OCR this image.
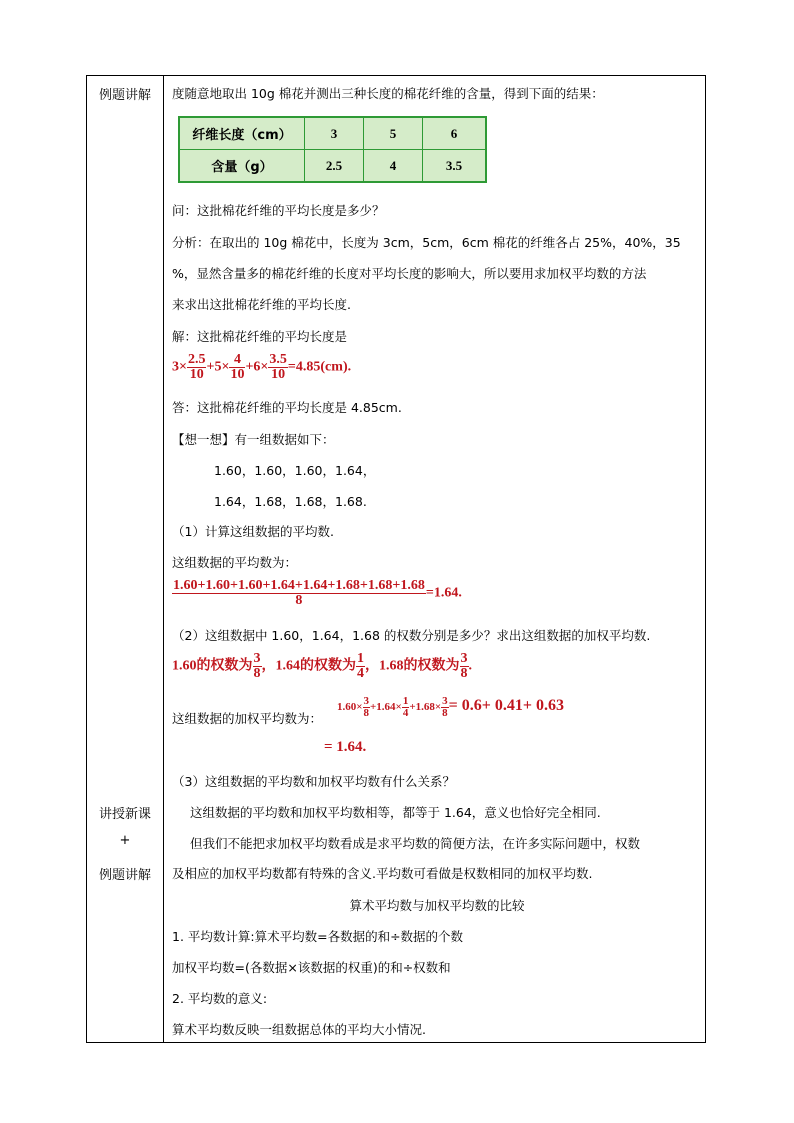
例题讲解
讲授新课
+
例题讲解
度随意地取出 10g 棉花并测出三种长度的棉花纤维的含量，得到下面的结果：
纤维长度（cm）	3	5	6
含量（g）	2.5	4	3.5
问：这批棉花纤维的平均长度是多少？
分析：在取出的 10g 棉花中，长度为 3cm，5cm，6cm 棉花的纤维各占 25%，40%，35
%，显然含量多的棉花纤维的长度对平均长度的影响大，所以要用求加权平均数的方法
来求出这批棉花纤维的平均长度.
解：这批棉花纤维的平均长度是
$3\times \frac{2.5}{10} +5\times \frac{4}{10} +6\times \frac{3.5}{10} =4.85(cm)$.
答：这批棉花纤维的平均长度是 4.85cm.
【想一想】有一组数据如下：
1.60，1.60，1.60，1.64，
1.64，1.68，1.68，1.68.
（1）计算这组数据的平均数.
这组数据的平均数为：
$\frac{1.60+1.60+1.60+1.64+1.64+1.68+1.68+1.68}{8} =1.64$.
（2）这组数据中 1.60，1.64，1.68 的权数分别是多少？求出这组数据的加权平均数.
1.60的权数为 $\frac{3}{8}$ ，1.64的权数为 $\frac{1}{4}$ ，1.68的权数为 $\frac{3}{8}$ .
这组数据的加权平均数为：
$1.60\times \frac{3}{8} +1.64\times \frac{1}{4} +1.68\times \frac{3}{8} = 0.6+ 0.41+ 0.63$
= 1.64.
（3）这组数据的平均数和加权平均数有什么关系？
这组数据的平均数和加权平均数相等，都等于 1.64，意义也恰好完全相同.
但我们不能把求加权平均数看成是求平均数的简便方法，在许多实际问题中，权数
及相应的加权平均数都有特殊的含义.平均数可看做是权数相同的加权平均数.
算术平均数与加权平均数的比较
1. 平均数计算:算术平均数=各数据的和÷数据的个数
加权平均数=(各数据×该数据的权重)的和÷权数和
2. 平均数的意义:
算术平均数反映一组数据总体的平均大小情况.
